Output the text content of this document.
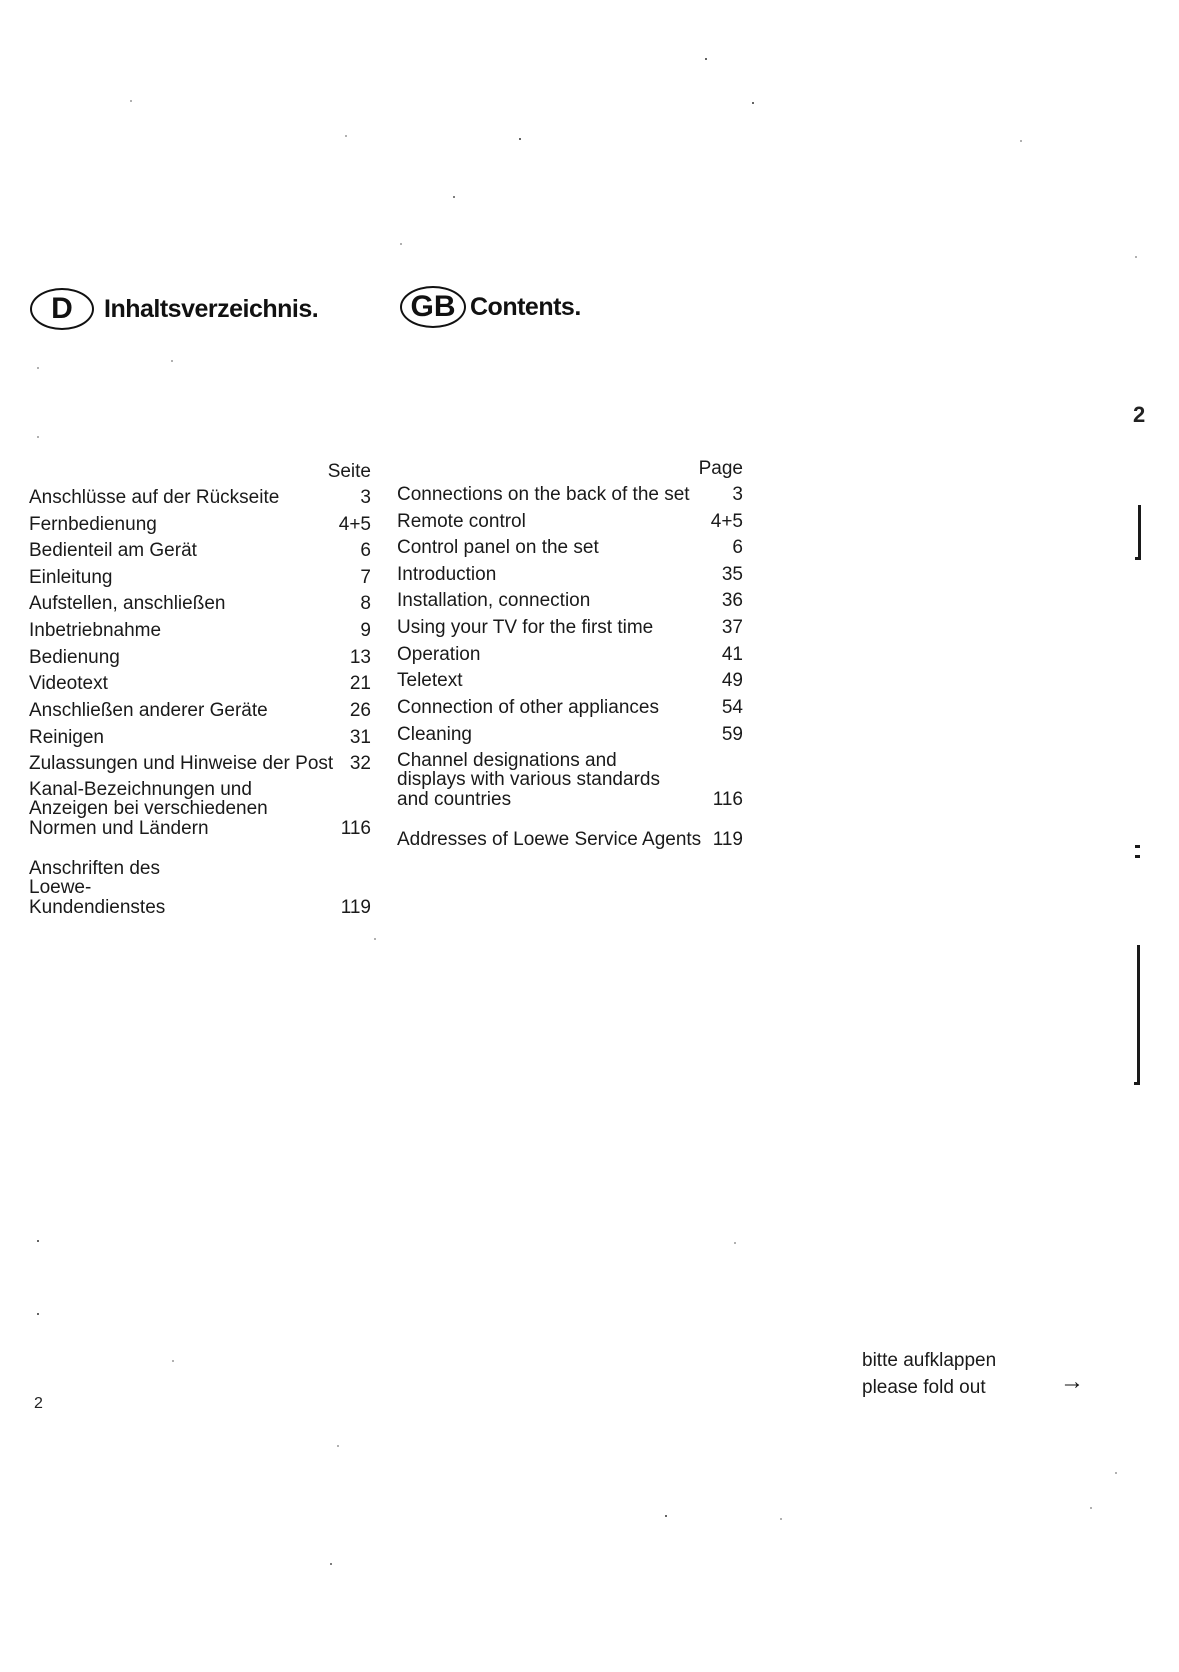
D	Inhaltsverzeichnis.	GB Contents.
Seite
Anschlüsse auf der Rückseite	3
Fernbedienung	4+5
Bedienteil am Gerät	6
Einleitung	7
Aufstellen, anschließen	8
Inbetriebnahme	9
Bedienung	13
Videotext	21
Anschließen anderer Geräte	26
Reinigen	31
Zulassungen und Hinweise der Post 32
Kanal-Bezeichnungen und Anzeigen bei verschiedenen Normen und Ländern	116
Anschriften des Loewe-Kundendienstes	119
Page
Connections on the back of the set	3
Remote control	4+5
Control panel on the set	6
Introduction	35
Installation, connection	36
Using your TV for the first time	37
Operation	41
Teletext	49
Connection of other appliances	54
Cleaning	59
Channel designations and displays with various standards and countries	116
Addresses of Loewe Service Agents 119
bitte aufklappen
please fold out	→
2
2
